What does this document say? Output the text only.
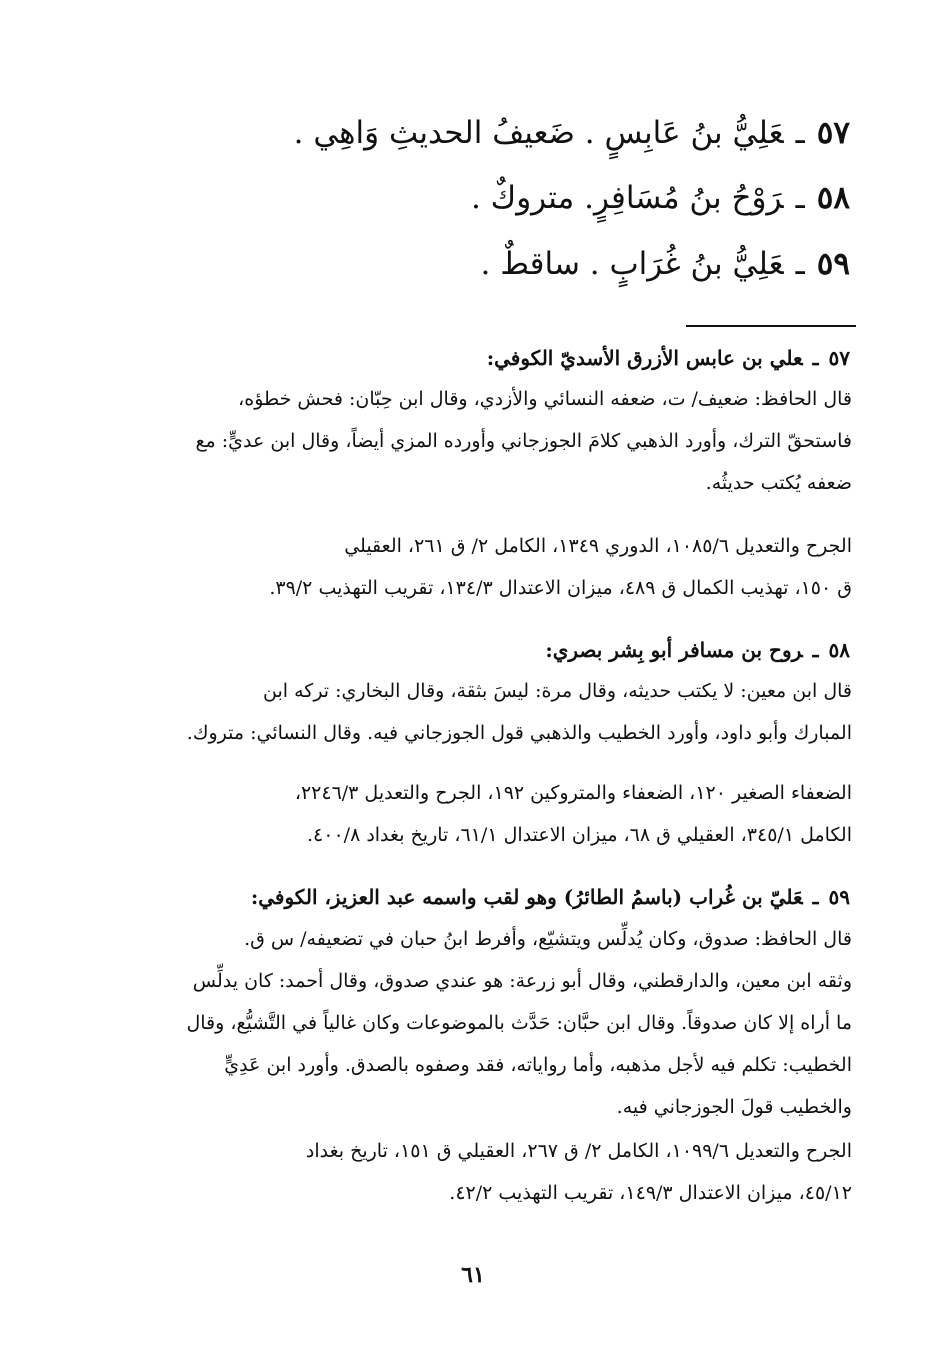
٥٧ـعَلِيُّ بنُ عَابِسٍ . ضَعيفُ الحديثِ وَاهِي .
٥٨ـرَوْحُ بنُ مُسَافِرٍ. متروكٌ .
٥٩ـعَلِيُّ بنُ غُرَابٍ . ساقطٌ .
٥٧ـعلي بن عابس الأزرق الأسديّ الكوفي:
قال الحافظ: ضعيف/ ت، ضعفه النسائي والأزدي، وقال ابن حِبّان: فحش خطؤه،
فاستحقّ الترك، وأورد الذهبي كلامَ الجوزجاني وأورده المزي أيضاً، وقال ابن عديٍّ: مع
ضعفه يُكتب حديثُه.
الجرح والتعديل ١٠٨٥/٦، الدوري ١٣٤٩، الكامل ٢/ ق ٢٦١، العقيلي
ق ١٥٠، تهذيب الكمال ق ٤٨٩، ميزان الاعتدال ١٣٤/٣، تقريب التهذيب ٣٩/٢.
٥٨ـروح بن مسافر أبو بِشر بصري:
قال ابن معين: لا يكتب حديثه، وقال مرة: ليسَ بثقة، وقال البخاري: تركه ابن
المبارك وأبو داود، وأورد الخطيب والذهبي قول الجوزجاني فيه. وقال النسائي: متروك.
الضعفاء الصغير ١٢٠، الضعفاء والمتروكين ١٩٢، الجرح والتعديل ٢٢٤٦/٣،
الكامل ٣٤٥/١، العقيلي ق ٦٨، ميزان الاعتدال ٦١/١، تاريخ بغداد ٤٠٠/٨.
٥٩ـعَليّ بن غُراب (باسمُ الطائرُ) وهو لقب واسمه عبد العزيز، الكوفي:
قال الحافظ: صدوق، وكان يُدلِّس ويتشيّع، وأفرط ابنُ حبان في تضعيفه/ س ق.
وثقه ابن معين، والدارقطني، وقال أبو زرعة: هو عندي صدوق، وقال أحمد: كان يدلِّس
ما أراه إلا كان صدوقاً. وقال ابن حبَّان: حَدَّث بالموضوعات وكان غالياً في التَّشيُّع، وقال
الخطيب: تكلم فيه لأجل مذهبه، وأما رواياته، فقد وصفوه بالصدق. وأورد ابن عَدِيٍّ
والخطيب قولَ الجوزجاني فيه.
الجرح والتعديل ١٠٩٩/٦، الكامل ٢/ ق ٢٦٧، العقيلي ق ١٥١، تاريخ بغداد
٤٥/١٢، ميزان الاعتدال ١٤٩/٣، تقريب التهذيب ٤٢/٢.
٦١
